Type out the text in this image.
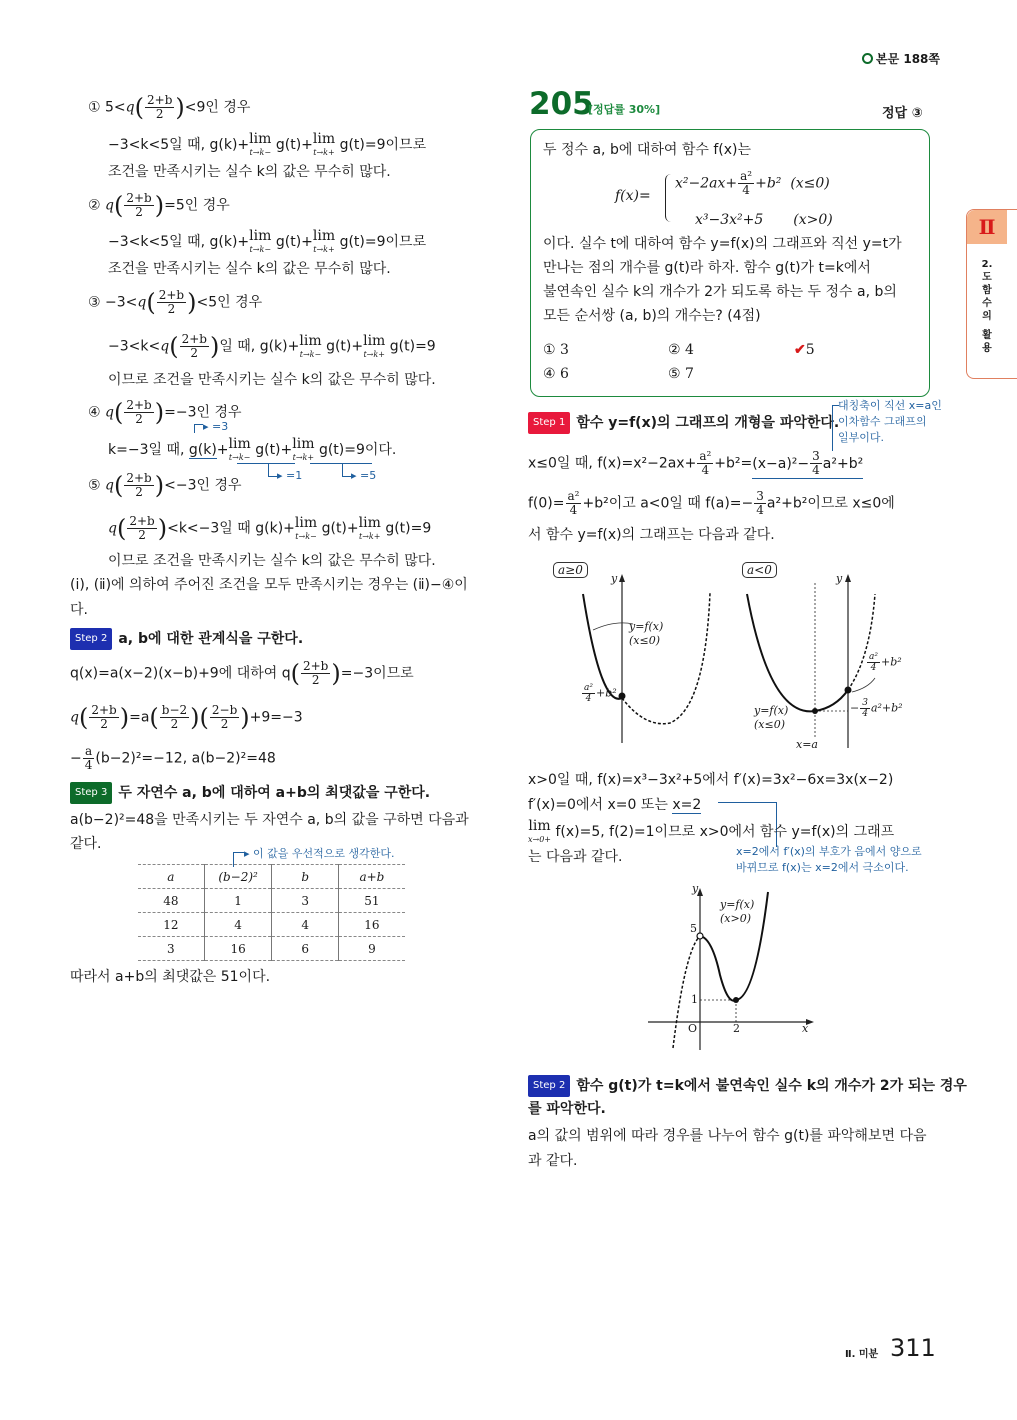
본문 188쪽
① $5<q( \frac{2+b}{2} )<9$인 경우
−3<k<5일 때, g(k)+ lim
t→k− g(t)+ lim
t→k+ g(t)=9이므로
조건을 만족시키는 실수 k의 값은 무수히 많다.
② $q( \frac{2+b}{2} )=5$인 경우
−3<k<5일 때, g(k)+ lim
t→k− g(t)+ lim
t→k+ g(t)=9이므로
조건을 만족시키는 실수 k의 값은 무수히 많다.
③ $-3<q( \frac{2+b}{2} )<5$인 경우
$-3<k<q( \frac{2+b}{2}$ )일 때, g(k)+ lim
t→k− g(t)+ lim
t→k+ g(t)=9
이므로 조건을 만족시키는 실수 k의 값은 무수히 많다.
④ $q( \frac{2+b}{2} )=-3$인 경우
▸ =3
k=−3일 때, g(k)+ lim
t→k− g(t)+ lim
t→k+ g(t)=9이다.
▸ =1	▸ =5
⑤ $q( \frac{2+b}{2} )<-3$인 경우
$q( \frac{2+b}{2} )<k<-3$일 때 g(k)+ lim
t→k− g(t)+ lim
t→k+ g(t)=9
이므로 조건을 만족시키는 실수 k의 값은 무수히 많다.
(ⅰ), (ⅱ)에 의하여 주어진 조건을 모두 만족시키는 경우는 (ⅱ)−④이
다.
Step 2 a, b에 대한 관계식을 구한다.
q(x)=a(x−2)(x−b)+9에 대하여 $q( \frac{2+b}{2} )=-3$이므로
$q( \frac{2+b}{2} )=a( \frac{b-2}{2}$ )( $\frac{2-b}{2} )+9=-3$
− $\frac{a}{4} (b-2)^2=-12$, a(b−2)²=48
Step 3 두 자연수 a, b에 대하여 a+b의 최댓값을 구한다.
a(b−2)²=48을 만족시키는 두 자연수 a, b의 값을 구하면 다음과
같다.
▸ 이 값을 우선적으로 생각한다.
a	(b−2)²	b	a+b
48	1	3	51
12	4	4	16
3	16	6	9
따라서 a+b의 최댓값은 51이다.
205
[정답률 30%]	정답 ③
두 정수 a, b에 대하여 함수 f(x)는
f(x)=
$x^2-2ax+ \frac{\text{a²}}{4} +b^2$ (x≤0)
x³−3x²+5 (x>0)
이다. 실수 t에 대하여 함수 y=f(x)의 그래프와 직선 y=t가
만나는 점의 개수를 g(t)라 하자. 함수 g(t)가 t=k에서
불연속인 실수 k의 개수가 2가 되도록 하는 두 정수 a, b의
모든 순서쌍 (a, b)의 개수는? (4점)
① 3	② 4	✔5
④ 6	⑤ 7
Step 1 함수 y=f(x)의 그래프의 개형을 파악한다.
대칭축이 직선 x=a인
이차함수 그래프의
일부이다.
x≤0일 때, $f(x)=x^2-2ax+ \frac{\text{a²}}{4} +b^2=(x-a)^2- \frac{3}{4} a^2+b^2$
$f(0)= \frac{\text{a²}}{4} +b^2$이고 a<0일 때 $f(a)=- \frac{3}{4} a^2+b^2$이므로 x≤0에
서 함수 y=f(x)의 그래프는 다음과 같다.
a≥0
y
y=f(x)
(x≤0)
$\frac{\text{a²}}{4} +b^2$
a<0
y
y=f(x)
(x≤0)
$\frac{\text{a²}}{4} +b^2$
− $\frac{3}{4} a^2+b^2$
x=a
x>0일 때, f(x)=x³−3x²+5에서 f′(x)=3x²−6x=3x(x−2)
f′(x)=0에서 x=0 또는 x=2
lim
x→0+ f(x)=5, f(2)=1이므로 x>0에서 함수 y=f(x)의 그래프
는 다음과 같다.	x=2에서 f′(x)의 부호가 음에서 양으로
바뀌므로 f(x)는 x=2에서 극소이다.
y
x
O
5
1
2
y=f(x)
(x>0)
Step 2 함수 g(t)가 t=k에서 불연속인 실수 k의 개수가 2가 되는 경우
를 파악한다.
a의 값의 범위에 따라 경우를 나누어 함수 g(t)를 파악해보면 다음
과 같다.
Ⅱ
2.
도
함
수
의
활
용
Ⅱ. 미분 311
